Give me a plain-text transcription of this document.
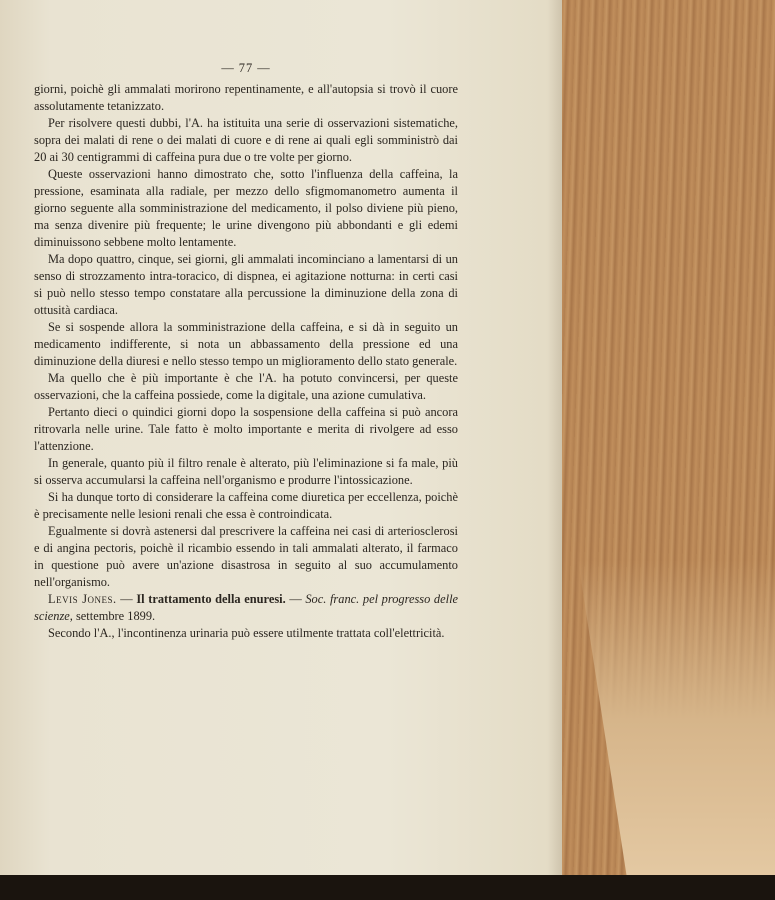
— 77 —

giorni, poichè gli ammalati morirono repentinamente, e all'autopsia si trovò il cuore assolutamente tetanizzato.

Per risolvere questi dubbi, l'A. ha istituita una serie di osservazioni sistematiche, sopra dei malati di rene o dei malati di cuore e di rene ai quali egli somministrò dai 20 ai 30 centigrammi di caffeina pura due o tre volte per giorno.

Queste osservazioni hanno dimostrato che, sotto l'influenza della caffeina, la pressione, esaminata alla radiale, per mezzo dello sfigmomanometro aumenta il giorno seguente alla somministrazione del medicamento, il polso diviene più pieno, ma senza divenire più frequente; le urine divengono più abbondanti e gli edemi diminuissono sebbene molto lentamente.

Ma dopo quattro, cinque, sei giorni, gli ammalati incominciano a lamentarsi di un senso di strozzamento intra-toracico, di dispnea, ei agitazione notturna: in certi casi si può nello stesso tempo constatare alla percussione la diminuzione della zona di ottusità cardiaca.

Se si sospende allora la somministrazione della caffeina, e si dà in seguito un medicamento indifferente, si nota un abbassamento della pressione ed una diminuzione della diuresi e nello stesso tempo un miglioramento dello stato generale.

Ma quello che è più importante è che l'A. ha potuto convincersi, per queste osservazioni, che la caffeina possiede, come la digitale, una azione cumulativa.

Pertanto dieci o quindici giorni dopo la sospensione della caffeina si può ancora ritrovarla nelle urine. Tale fatto è molto importante e merita di rivolgere ad esso l'attenzione.

In generale, quanto più il filtro renale è alterato, più l'eliminazione si fa male, più si osserva accumularsi la caffeina nell'organismo e produrre l'intossicazione.

Si ha dunque torto di considerare la caffeina come diuretica per eccellenza, poichè è precisamente nelle lesioni renali che essa è controindicata.

Egualmente si dovrà astenersi dal prescrivere la caffeina nei casi di arteriosclerosi e di angina pectoris, poichè il ricambio essendo in tali ammalati alterato, il farmaco in questione può avere un'azione disastrosa in seguito al suo accumulamento nell'organismo.

Levis Jones. — Il trattamento della enuresi. — Soc. franc. pel progresso delle scienze, settembre 1899.

Secondo l'A., l'incontinenza urinaria può essere utilmente trattata coll'elettricità.
